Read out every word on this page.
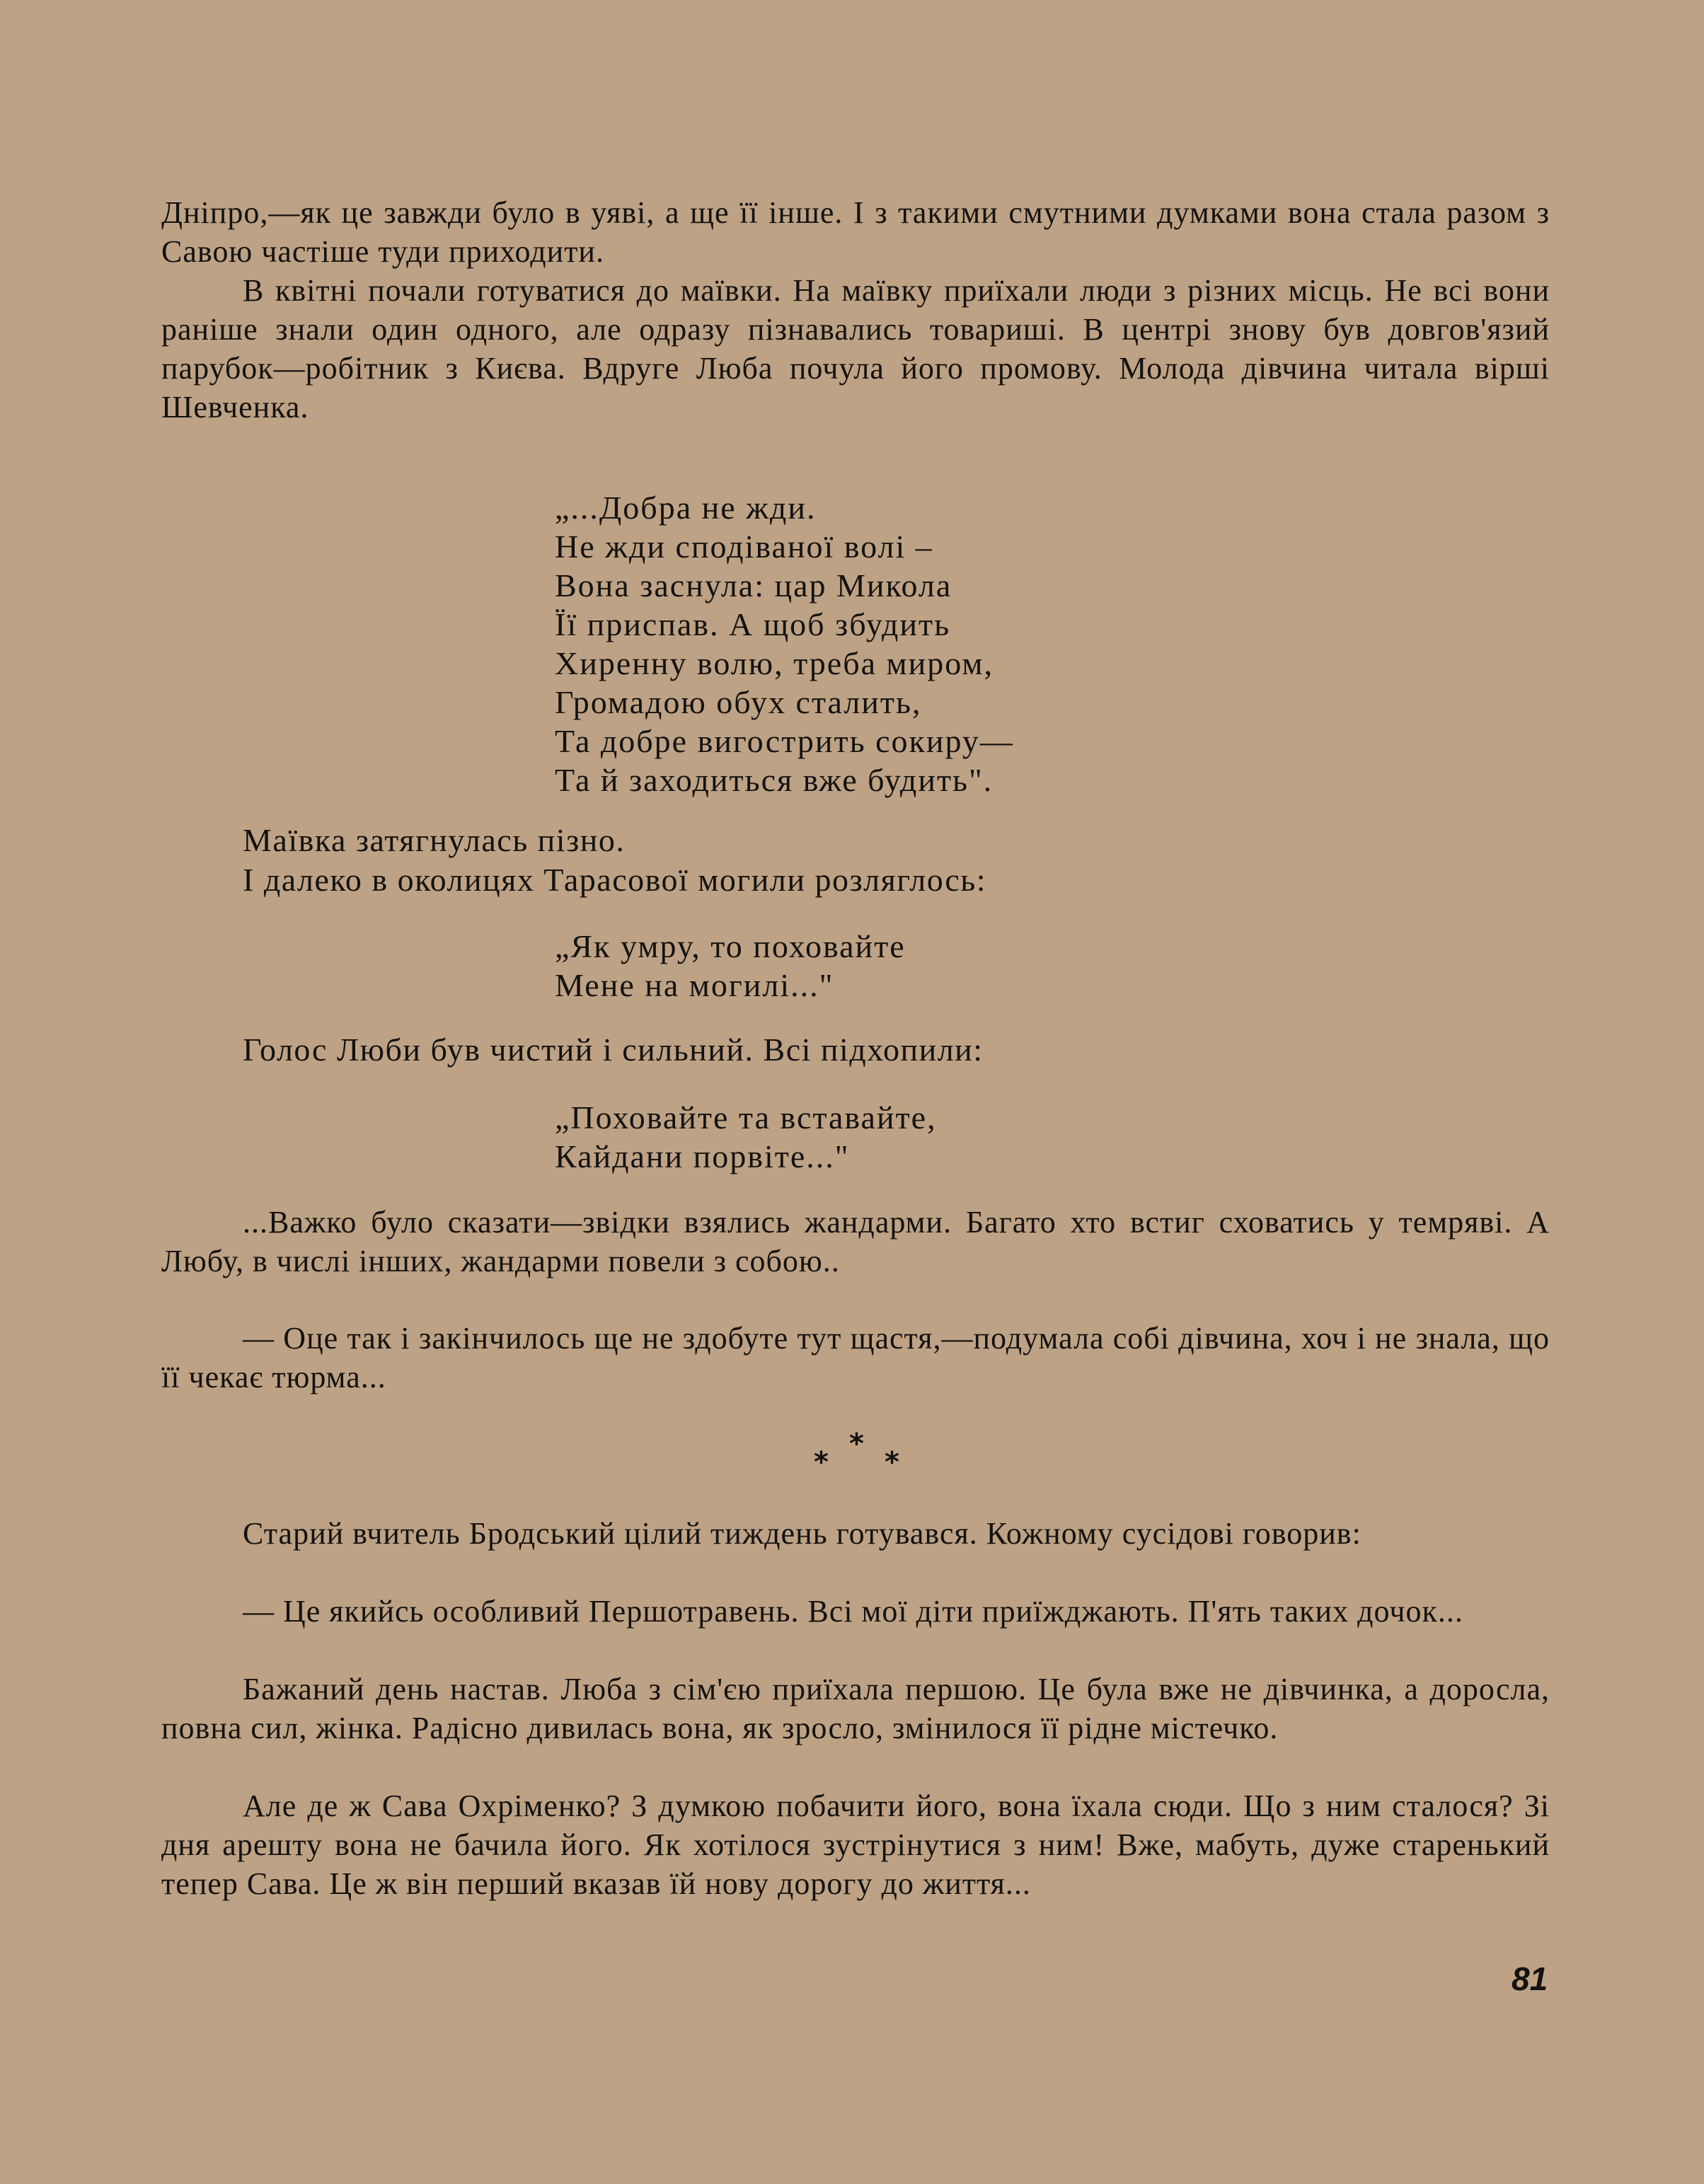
Дніпро,—як це завжди було в уяві, а ще її інше. І з такими смутними думками вона стала разом з Савою частіше туди приходити.

В квітні почали готуватися до маївки. На маївку приїхали люди з різних місць. Не всі вони раніше знали один одного, але одразу пізнавались товариші. В центрі знову був довгов'язий парубок—робітник з Києва. Вдруге Люба почула його промову. Молода дівчина читала вірші Шевченка.

„...Добра не жди.
Не жди сподіваної волі –
Вона заснула: цар Микола
Її приспав. А щоб збудить
Хиренну волю, треба миром,
Громадою обух сталить,
Та добре вигострить сокиру—
Та й заходиться вже будить".

Маївка затягнулась пізно.

І далеко в околицях Тарасової могили розляглось:

„Як умру, то поховайте
Мене на могилі..."

Голос Люби був чистий і сильний. Всі підхопили:

„Поховайте та вставайте,
Кайдани порвіте..."

...Важко було сказати—звідки взялись жандарми. Багато хто встиг сховатись у темряві. А Любу, в числі інших, жандарми повели з собою..

— Оце так і закінчилось ще не здобуте тут щастя,—подумала собі дівчина, хоч і не знала, що її чекає тюрма...

*
* *

Старий вчитель Бродський цілий тиждень готувався. Кожному сусідові говорив:

— Це якийсь особливий Першотравень. Всі мої діти приїжджають. П'ять таких дочок...

Бажаний день настав. Люба з сім'єю приїхала першою. Це була вже не дівчинка, а доросла, повна сил, жінка. Радісно дивилась вона, як зросло, змінилося її рідне містечко.

Але де ж Сава Охріменко? З думкою побачити його, вона їхала сюди. Що з ним сталося? Зі дня арешту вона не бачила його. Як хотілося зустрінутися з ним! Вже, мабуть, дуже старенький тепер Сава. Це ж він перший вказав їй нову дорогу до життя...

81
